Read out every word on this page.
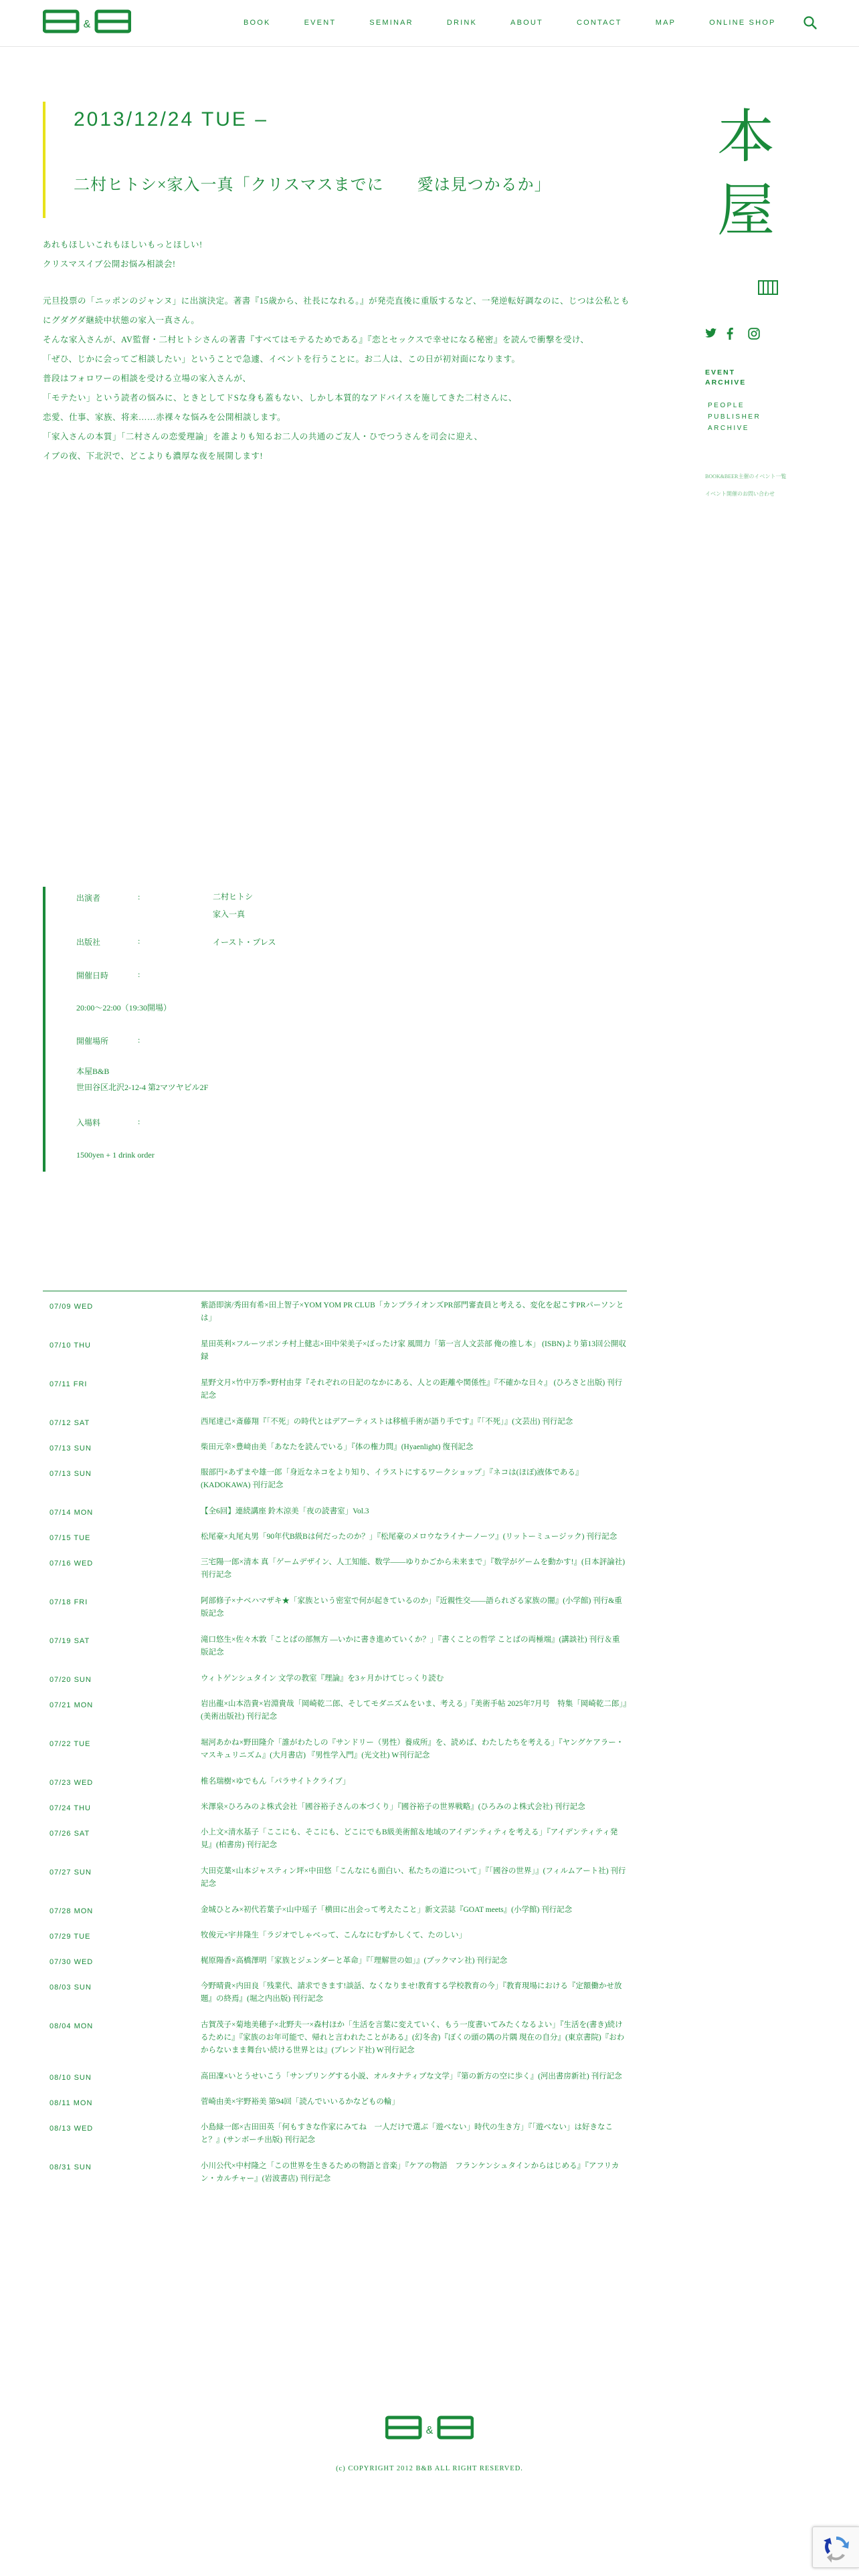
&	BOOK	EVENT	SEMINAR	DRINK	ABOUT	CONTACT	MAP	ONLINE SHOP
2013/12/24 TUE –
二村ヒトシ×家入一真「クリスマスまでに　　愛は見つかるか」

あれもほしいこれもほしいもっとほしい!

クリスマスイブ公開お悩み相談会!

元旦投票の「ニッポンのジャンヌ」に出演決定。著書『15歳から、社長になれる。』が発売直後に重版するなど、一発逆転好調なのに、じつは公私ともにグダグダ継続中状態の家入一真さん。

そんな家入さんが、AV監督・二村ヒトシさんの著書『すべてはモテるためである』『恋とセックスで幸せになる秘密』を読んで衝撃を受け、

「ぜひ、じかに会ってご相談したい」ということで急遽、イベントを行うことに。お二人は、この日が初対面になります。

普段はフォロワーの相談を受ける立場の家入さんが、

「モテたい」という読者の悩みに、ときとしてドSな身も蓋もない、しかし本質的なアドバイスを施してきた二村さんに、

恋愛、仕事、家族、将来……赤裸々な悩みを公開相談します。

「家入さんの本質」「二村さんの恋愛理論」を誰よりも知るお二人の共通のご友人・ひでつうさんを司会に迎え、

イブの夜、下北沢で、どこよりも濃厚な夜を展開します!

本
屋
EVENT
ARCHIVE
PEOPLE
PUBLISHER
ARCHIVE
BOOK&BEER主催のイベント一覧
イベント開催のお問い合わせ
出演者	:	二村ヒトシ
家入一真
出版社	:	イースト・プレス
開催日時	:
20:00〜22:00（19:30開場）
開催場所	:
本屋B&B
世田谷区北沢2-12-4 第2マツヤビル2F
入場料	:
1500yen + 1 drink order
07/09 WED	紫語即演/秀田有希×田上智子×YOM YOM PR CLUB「カンブライオンズPR部門審査員と考える、変化を起こすPRパーソンとは」
07/10 THU	星田英利×フルーツポンチ村上健志×田中栄美子×ぼったけ家 風間力「第一言人文芸部 俺の推し本」 (ISBN)より第13回公開収録
07/11 FRI	星野文月×竹中万季×野村由芽『それぞれの日記のなかにある、人との距離や関係性』『不確かな日々』 (ひろさと出版) 刊行記念
07/12 SAT	西尾達己×斎藤翔『「不死」の時代とはデアーティストは移植手術が語り手です』『「不死」』(文芸出) 刊行記念
07/13 SUN	柴田元幸×豊﨑由美「あなたを読んでいる」『体の権力問』(Hyaenlight) 復刊記念
07/13 SUN	服部円×あずまや雄一郎「身近なネコをより知り、イラストにするワークショップ」『ネコは(ほぼ)液体である』(KADOKAWA) 刊行記念
07/14 MON	【全6回】連続講座 鈴木涼美「夜の読書室」Vol.3
07/15 TUE	松尾豪×丸尾丸男「90年代B級Bは何だったのか？」『松尾豪のメロウなライナーノーツ』(リットーミュージック) 刊行記念
07/16 WED	三宅陽一郎×清本 真「ゲームデザイン、人工知能、数学――ゆりかごから未来まで」『数学がゲームを動かす!』(日本評論社) 刊行記念
07/18 FRI	阿部修子×ナベハマザキ★「家族という密室で何が起きているのか」『近親性交――語られざる家族の闇』(小学館) 刊行&重版記念
07/19 SAT	滝口悠生×佐々木敦「ことばの部無方 ―いかに書き進めていくか？」『書くことの哲学 ことばの両極端』(講談社) 刊行＆重版記念
07/20 SUN	ウィトゲンシュタイン 文学の教室『理論』を3ヶ月かけてじっくり読む
07/21 MON	岩出龍×山本浩貴×岩淵貴哉「岡崎乾二郎、そしてモダニズムをいま、考える」『美術手帖 2025年7月号　特集「岡崎乾二郎」』(美術出版社) 刊行記念
07/22 TUE	堀河あかね×野田隆介「誰がわたしの『サンドリー（男性）養成所』を、読めば、わたしたちを考える」『ヤングケアラー・マスキュリニズム』(大月書店) 『男性学入門』(光文社) W刊行記念
07/23 WED	椎名瑞樹×ゆでもん「パラサイトクライブ」
07/24 THU	米澤泉×ひろみのよ株式会社「國谷裕子さんの本づくり」『國谷裕子の世界戦略』(ひろみのよ株式会社) 刊行記念
07/26 SAT	小上文×清水基子「ここにも、そこにも、どこにでもB級美術館＆地域のアイデンティティを考える」『アイデンティティ発見』(柏書房) 刊行記念
07/27 SUN	大田克葉×山本ジャスティン坪×中田悠「こんなにも面白い、私たちの道について」『「國谷の世界」』(フィルムアート社) 刊行記念
07/28 MON	金城ひとみ×初代若葉子×山中瑶子「横田に出会って考えたこと」新文芸誌『GOAT meets』(小学館) 刊行記念
07/29 TUE	牧俊元×宇井隆生「ラジオでしゃべって、こんなにむずかしくて、たのしい」
07/30 WED	梶原陽香×高橋澤明「家族とジェンダーと革命」『「理解世の如」』(ブックマン社) 刊行記念
08/03 SUN	今野晴貴×内田良「残業代、請求できます!談話、なくなりませ!教育する学校教育の今」『教育現場における『定額働かせ放題』の終焉』(堀之内出版) 刊行記念
08/04 MON	古賀茂子×菊地美穂子×北野夫一×森村ほか「生活を言葉に変えていく、もう一度書いてみたくなるよい」『生活を(書き)続けるために』『家族のお年可能で、帰れと言われたことがある』(幻冬舎)『ぼくの頭の隅の片隅 現在の自分』(東京書院)『おわからないまま舞台い続ける世界とは』(ブレンド社) W刊行記念
08/10 SUN	高田凜×いとうせいこう「サンプリングする小説、オルタナティブな文学」『第の新方の空に歩く』(河出書房新社) 刊行記念
08/11 MON	菅崎由美×宇野裕美 第94回「読んでいいるかなどもの輪」
08/13 WED	小島緑一郎×古田田英「何もすきな作家にみてね　一人だけで選ぶ「遊べない」時代の生き方」『「遊べない」は好きなこと？』(サンボーチ出版) 刊行記念
08/31 SUN	小川公代×中村隆之「この世界を生きるための物語と音楽」『ケアの物語　フランケンシュタインからはじめる』『アフリカン・カルチャー』(岩波書店) 刊行記念
&
(c) COPYRIGHT 2012 B&B ALL RIGHT RESERVED.
